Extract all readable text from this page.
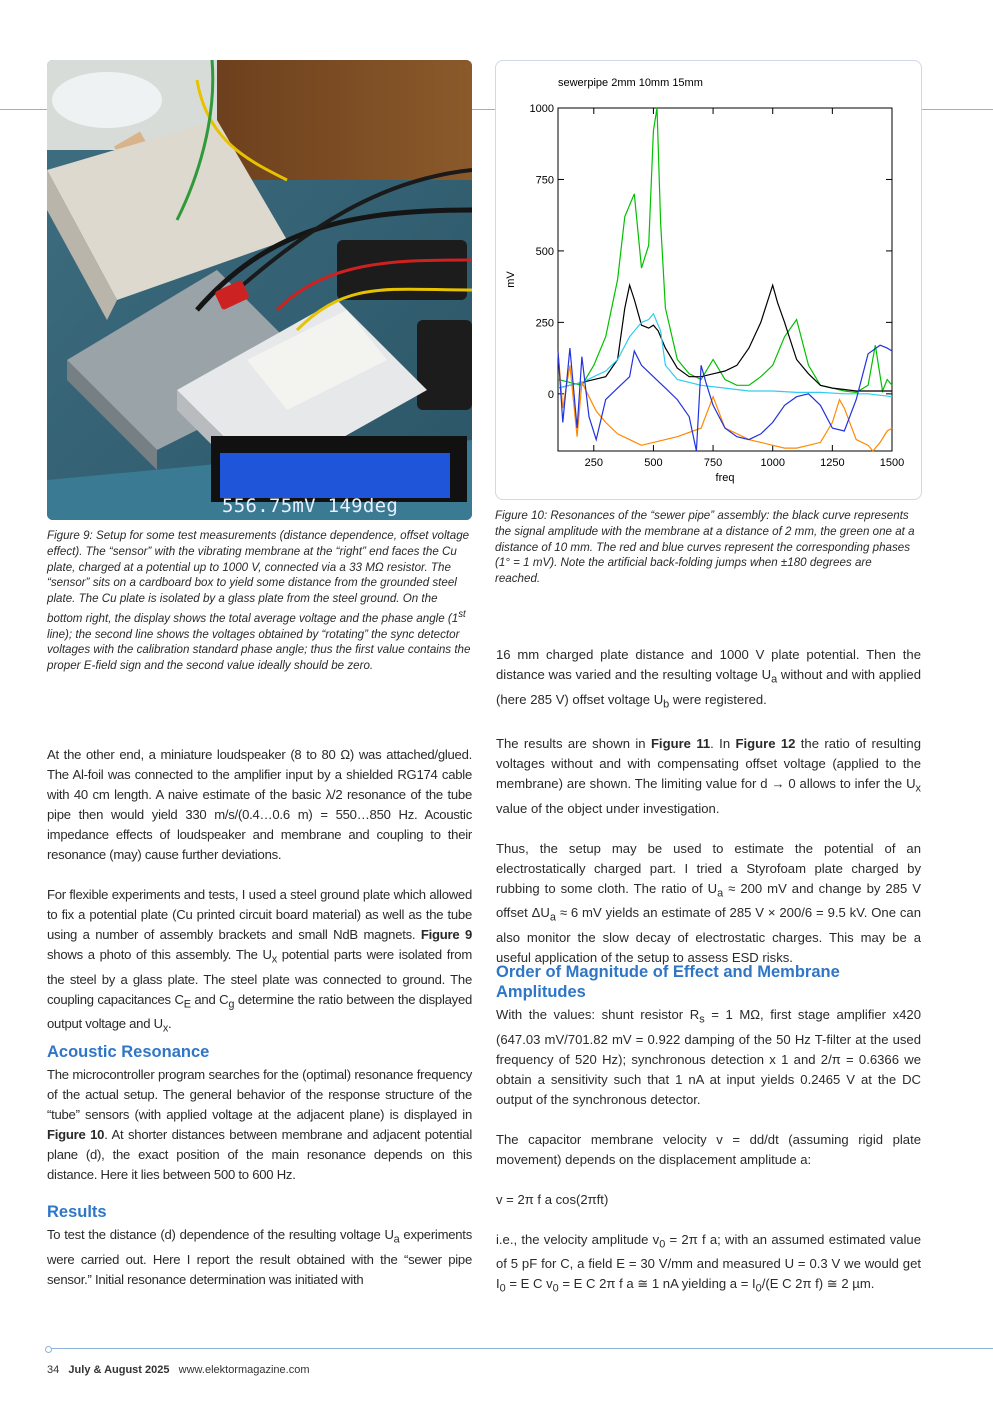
556.75mV 149deg

Figure 9: Setup for some test measurements (distance dependence, offset voltage effect). The “sensor” with the vibrating membrane at the “right” end faces the Cu plate, charged at a potential up to 1000 V, connected via a 33 MΩ resistor. The “sensor” sits on a cardboard box to yield some distance from the grounded steel plate. The Cu plate is isolated by a glass plate from the steel ground. On the bottom right, the display shows the total average voltage and the phase angle (1st line); the second line shows the voltages obtained by “rotating” the sync detector voltages with the calibration standard phase angle; thus the first value contains the proper E-field sign and the second value ideally should be zero.

250	500	750	1000	1250	1500
0
250
500
750
1000
sewerpipe 2mm 10mm 15mm
freq
mV

Figure 10: Resonances of the “sewer pipe” assembly: the black curve represents the signal amplitude with the membrane at a distance of 2 mm, the green one at a distance of 10 mm. The red and blue curves represent the corresponding phases (1° = 1 mV). Note the artificial back-folding jumps when ±180 degrees are reached.

At the other end, a miniature loudspeaker (8 to 80 Ω) was attached/glued. The Al-foil was connected to the amplifier input by a shielded RG174 cable with 40 cm length. A naive estimate of the basic λ/2 resonance of the tube pipe then would yield 330 m/s/(0.4…0.6 m) = 550…850 Hz. Acoustic impedance effects of loudspeaker and membrane and coupling to their resonance (may) cause further deviations.

For flexible experiments and tests, I used a steel ground plate which allowed to fix a potential plate (Cu printed circuit board material) as well as the tube using a number of assembly brackets and small NdB magnets. Figure 9 shows a photo of this assembly. The $U_x$ potential parts were isolated from the steel by a glass plate. The steel plate was connected to ground. The coupling capacitances $C_E$ and $C_g$ determine the ratio between the displayed output voltage and $U_x$.

Acoustic Resonance

The microcontroller program searches for the (optimal) resonance frequency of the actual setup. The general behavior of the response structure of the “tube” sensors (with applied voltage at the adjacent plane) is displayed in Figure 10. At shorter distances between membrane and adjacent potential plane (d), the exact position of the main resonance depends on this distance. Here it lies between 500 to 600 Hz.

Results

To test the distance (d) dependence of the resulting voltage $U_a$ experiments were carried out. Here I report the result obtained with the “sewer pipe sensor.” Initial resonance determination was initiated with

16 mm charged plate distance and 1000 V plate potential. Then the distance was varied and the resulting voltage $U_a$ without and with applied (here 285 V) offset voltage $U_b$ were registered.

The results are shown in Figure 11. In Figure 12 the ratio of resulting voltages without and with compensating offset voltage (applied to the membrane) are shown. The limiting value for d → 0 allows to infer the $U_x$ value of the object under investigation.

Thus, the setup may be used to estimate the potential of an electrostatically charged part. I tried a Styrofoam plate charged by rubbing to some cloth. The ratio of $U_a \approx 200$ mV and change by 285 V offset $\Delta U_a \approx 6$ mV yields an estimate of 285 V × 200/6 = 9.5 kV. One can also monitor the slow decay of electrostatic charges. This may be a useful application of the setup to assess ESD risks.

Order of Magnitude of Effect and Membrane Amplitudes

With the values: shunt resistor $R_s = 1$ MΩ, first stage amplifier x420 (647.03 mV/701.82 mV = 0.922 damping of the 50 Hz T-filter at the used frequency of 520 Hz); synchronous detection x 1 and 2/π = 0.6366 we obtain a sensitivity such that 1 nA at input yields 0.2465 V at the DC output of the synchronous detector.

The capacitor membrane velocity v = dd/dt (assuming rigid plate movement) depends on the displacement amplitude a:

v = 2π f a cos(2πft)

i.e., the velocity amplitude $v_0 = 2\pi$ f a; with an assumed estimated value of 5 pF for C, a field E = 30 V/mm and measured U = 0.3 V we would get $I_0 = E$ C $v_0 = E$ C 2π f a ≅ 1 nA yielding $a = I_0/(E$ C 2π f) ≅ 2 µm.

34 July & August 2025 www.elektormagazine.com
